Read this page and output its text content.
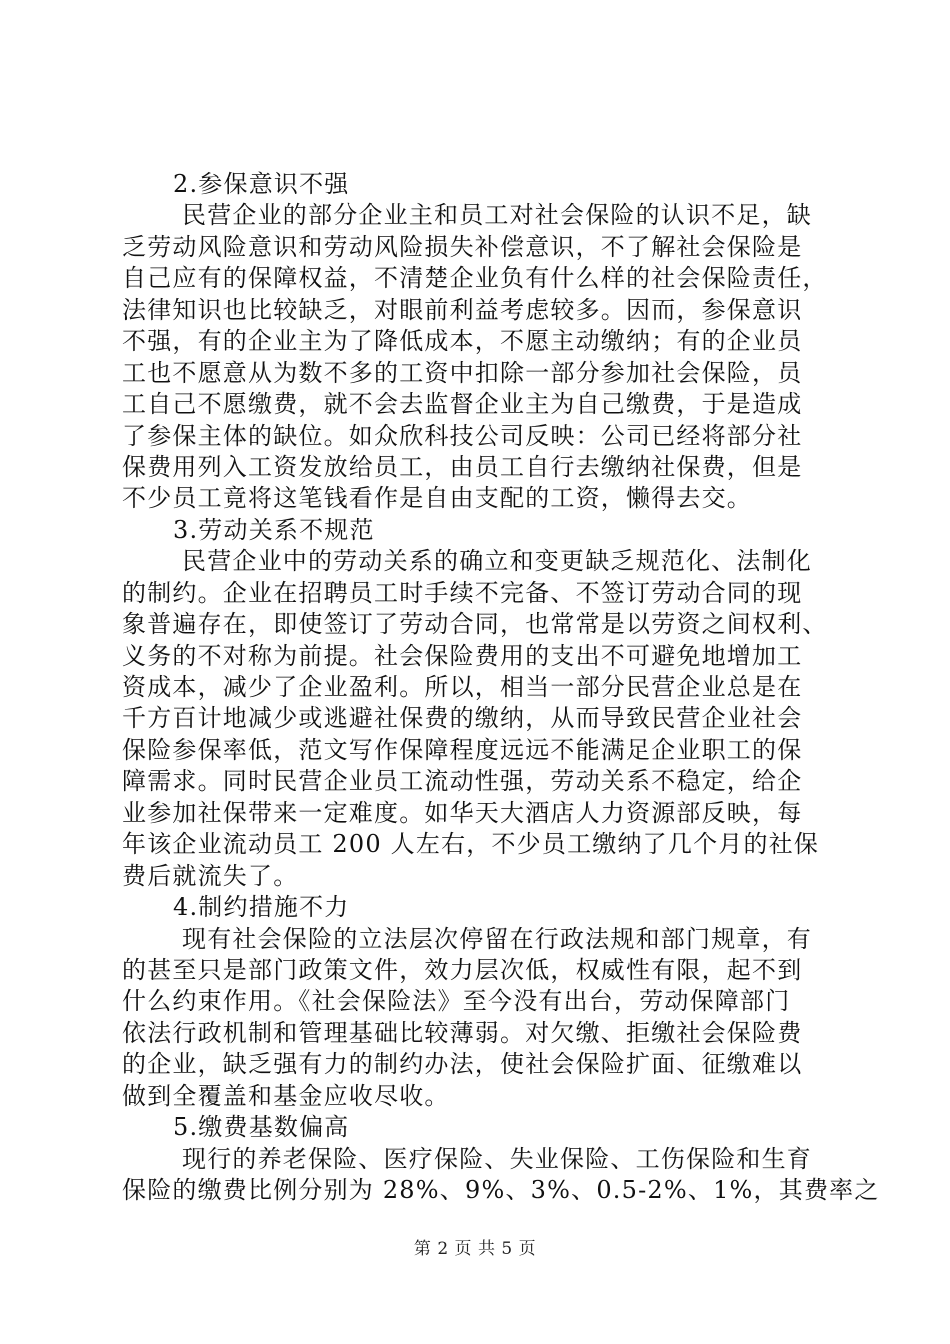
2.参保意识不强
民营企业的部分企业主和员工对社会保险的认识不足，缺
乏劳动风险意识和劳动风险损失补偿意识，不了解社会保险是
自己应有的保障权益，不清楚企业负有什么样的社会保险责任，
法律知识也比较缺乏，对眼前利益考虑较多。因而，参保意识
不强，有的企业主为了降低成本，不愿主动缴纳；有的企业员
工也不愿意从为数不多的工资中扣除一部分参加社会保险，员
工自己不愿缴费，就不会去监督企业主为自己缴费，于是造成
了参保主体的缺位。如众欣科技公司反映：公司已经将部分社
保费用列入工资发放给员工，由员工自行去缴纳社保费，但是
不少员工竟将这笔钱看作是自由支配的工资，懒得去交。
3.劳动关系不规范
民营企业中的劳动关系的确立和变更缺乏规范化、法制化
的制约。企业在招聘员工时手续不完备、不签订劳动合同的现
象普遍存在，即使签订了劳动合同，也常常是以劳资之间权利、
义务的不对称为前提。社会保险费用的支出不可避免地增加工
资成本，减少了企业盈利。所以，相当一部分民营企业总是在
千方百计地减少或逃避社保费的缴纳，从而导致民营企业社会
保险参保率低，范文写作保障程度远远不能满足企业职工的保
障需求。同时民营企业员工流动性强，劳动关系不稳定，给企
业参加社保带来一定难度。如华天大酒店人力资源部反映，每
年该企业流动员工 200 人左右，不少员工缴纳了几个月的社保
费后就流失了。
4.制约措施不力
现有社会保险的立法层次停留在行政法规和部门规章，有
的甚至只是部门政策文件，效力层次低，权威性有限，起不到
什么约束作用。《社会保险法》至今没有出台，劳动保障部门
依法行政机制和管理基础比较薄弱。对欠缴、拒缴社会保险费
的企业，缺乏强有力的制约办法，使社会保险扩面、征缴难以
做到全覆盖和基金应收尽收。
5.缴费基数偏高
现行的养老保险、医疗保险、失业保险、工伤保险和生育
保险的缴费比例分别为 28%、9%、3%、0.5-2%、1%，其费率之
第 2 页 共 5 页
